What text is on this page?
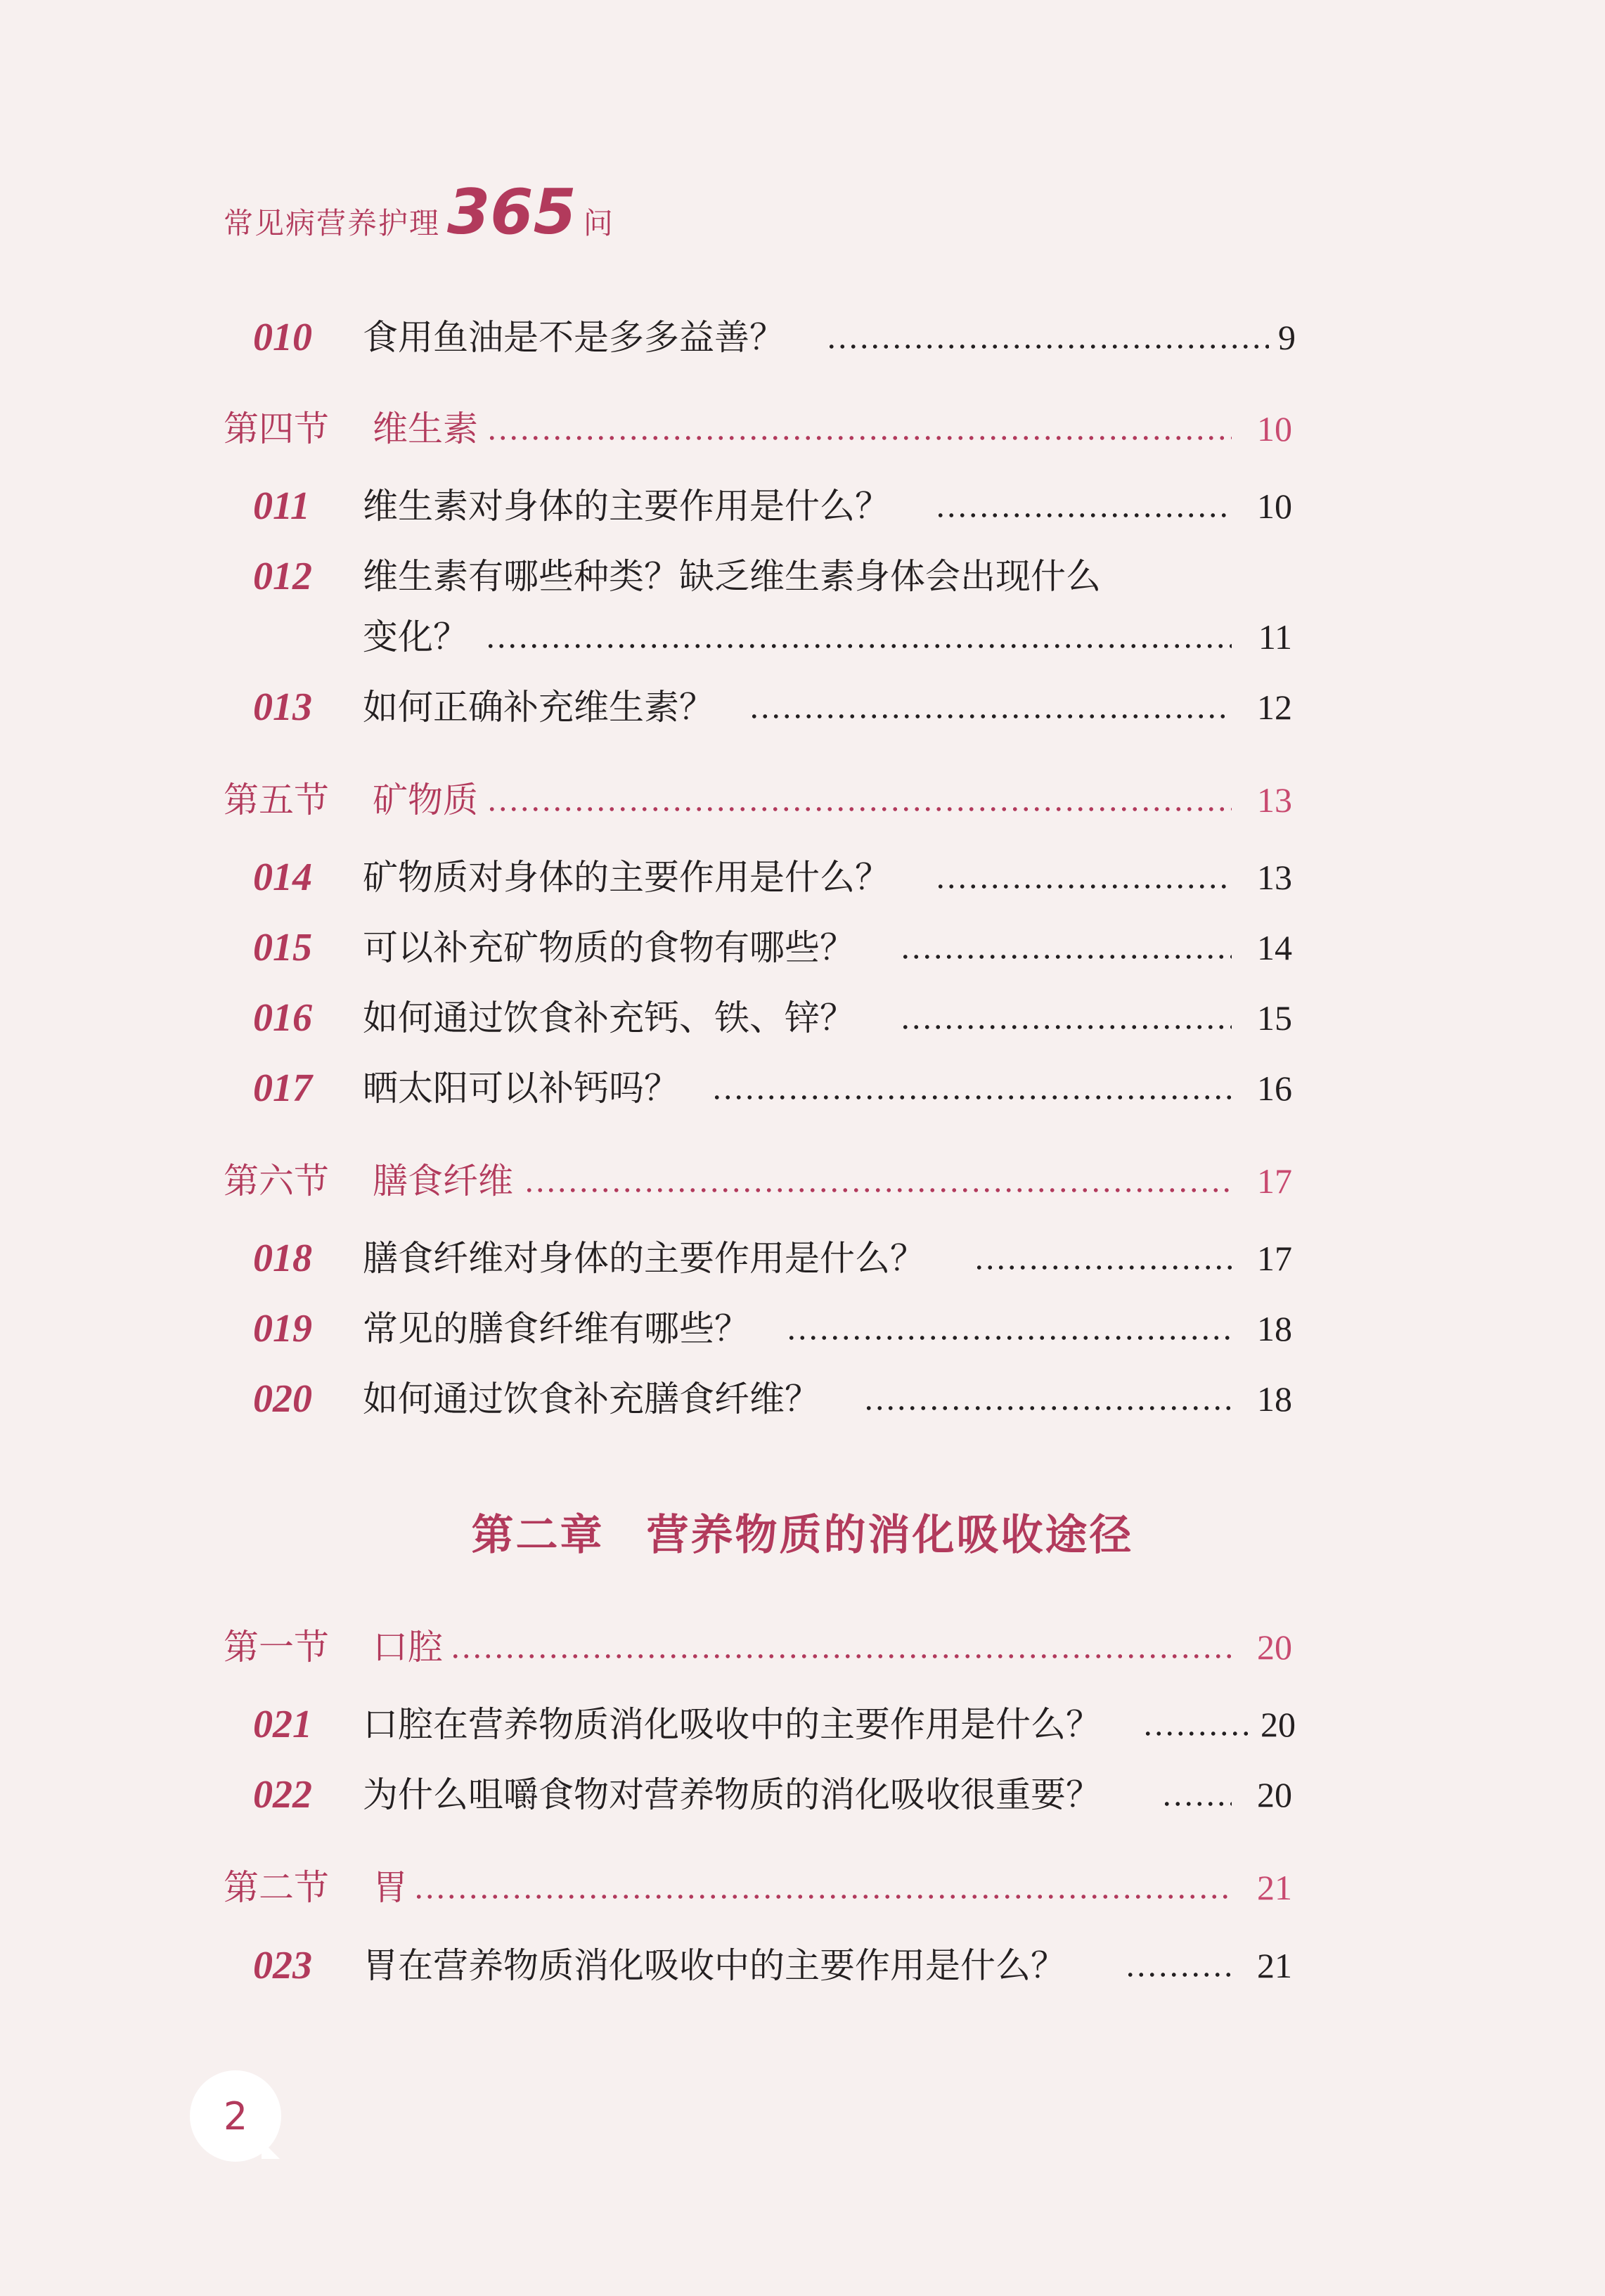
常见病营养护理 365 问
010 食用鱼油是不是多多益善？	9
第四节 维生素	10
011 维生素对身体的主要作用是什么？	10
012 维生素有哪些种类？缺乏维生素身体会出现什么
变化？	11
013 如何正确补充维生素？	12
第五节 矿物质	13
014 矿物质对身体的主要作用是什么？	13
015 可以补充矿物质的食物有哪些？	14
016 如何通过饮食补充钙、铁、锌？	15
017 晒太阳可以补钙吗？	16
第六节 膳食纤维	17
018 膳食纤维对身体的主要作用是什么？	17
019 常见的膳食纤维有哪些？	18
020 如何通过饮食补充膳食纤维？	18
第二章 营养物质的消化吸收途径
第一节 口腔	20
021 口腔在营养物质消化吸收中的主要作用是什么？	20
022 为什么咀嚼食物对营养物质的消化吸收很重要？	20
第二节 胃	21
023 胃在营养物质消化吸收中的主要作用是什么？	21
2
